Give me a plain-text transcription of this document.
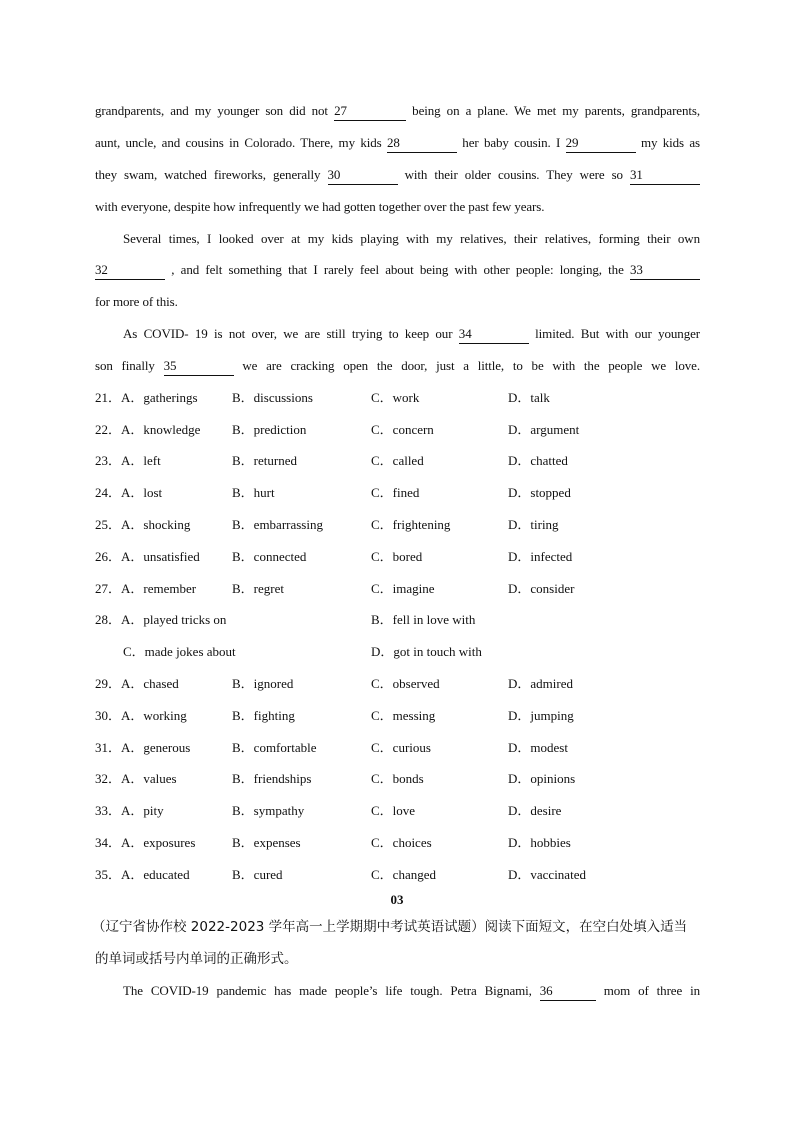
grandparents, and my younger son did not 27	being on a plane. We met my parents, grandparents,
aunt, uncle, and cousins in Colorado. There, my kids 28	her baby cousin. I 29	my kids as
they swam, watched fireworks, generally 30	with their older cousins. They were so 31
with everyone, despite how infrequently we had gotten together over the past few years.
Several times, I looked over at my kids playing with my relatives, their relatives, forming their own
32	, and felt something that I rarely feel about being with other people: longing, the 33
for more of this.
As COVID- 19 is not over, we are still trying to keep our 34	limited. But with our younger
son finally 35	we are cracking open the door, just a little, to be with the people we love.
21． A．gatherings	B．discussions	C．work	D．talk
22． A．knowledge B．prediction	C．concern	D．argument
23． A．left	B．returned	C．called	D．chatted
24． A．lost	B．hurt	C．fined	D．stopped
25． A．shocking	B．embarrassing	C．frightening	D．tiring
26． A．unsatisfied B．connected	C．bored	D．infected
27． A．remember	B．regret	C．imagine	D．consider
28． A．played tricks on	B．fell in love with
C．made jokes about	D．got in touch with
29． A．chased	B．ignored	C．observed	D．admired
30． A．working	B．fighting	C．messing	D．jumping
31． A．generous	B．comfortable	C．curious	D．modest
32． A．values	B．friendships	C．bonds	D．opinions
33． A．pity	B．sympathy	C．love	D．desire
34． A．exposures	B．expenses	C．choices	D．hobbies
35． A．educated	B．cured	C．changed	D．vaccinated
03
（辽宁省协作校 2022-2023 学年高一上学期期中考试英语试题）阅读下面短文，在空白处填入适当
的单词或括号内单词的正确形式。
The COVID-19 pandemic has made people’s life tough. Petra Bignami, 36	mom of three in
